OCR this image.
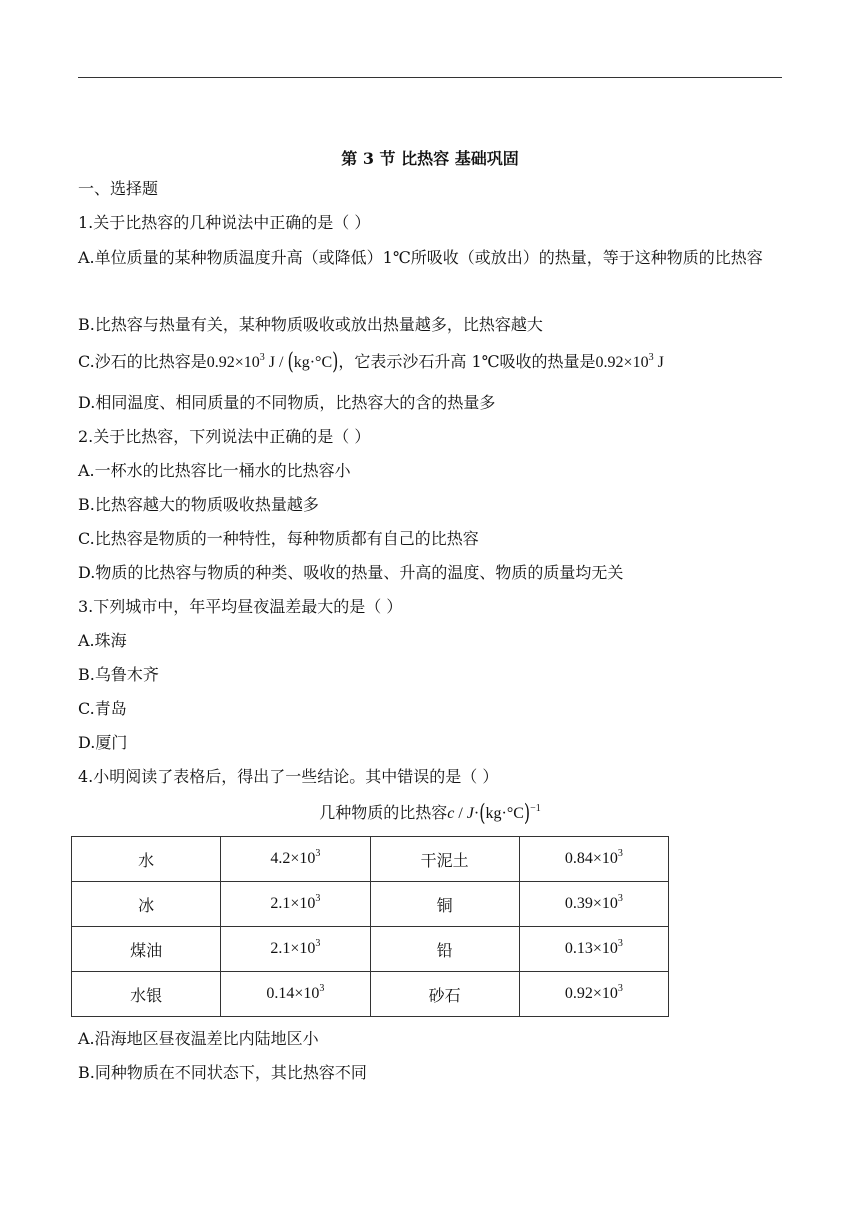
第 3 节 比热容 基础巩固
一、选择题
1.关于比热容的几种说法中正确的是（ ）
A.单位质量的某种物质温度升高（或降低）1℃所吸收（或放出）的热量，等于这种物质的比热容
B.比热容与热量有关，某种物质吸收或放出热量越多，比热容越大
C.沙石的比热容是$0.92\times 10^3$ J / (kg·°C)，它表示沙石升高 1℃吸收的热量是$0.92\times 10^3$ J
D.相同温度、相同质量的不同物质，比热容大的含的热量多
2.关于比热容，下列说法中正确的是（ ）
A.一杯水的比热容比一桶水的比热容小
B.比热容越大的物质吸收热量越多
C.比热容是物质的一种特性，每种物质都有自己的比热容
D.物质的比热容与物质的种类、吸收的热量、升高的温度、物质的质量均无关
3.下列城市中，年平均昼夜温差最大的是（ ）
A.珠海
B.乌鲁木齐
C.青岛
D.厦门
4.小明阅读了表格后，得出了一些结论。其中错误的是（ ）
几种物质的比热容$c / J\cdot(kg\cdot^\circ C)^{-1}$
水	$4.2\times 10^3$	干泥土	$0.84\times 10^3$
冰	$2.1\times 10^3$	铜	$0.39\times 10^3$
煤油	$2.1\times 10^3$	铅	$0.13\times 10^3$
水银	$0.14\times 10^3$	砂石	$0.92\times 10^3$
A.沿海地区昼夜温差比内陆地区小
B.同种物质在不同状态下，其比热容不同
